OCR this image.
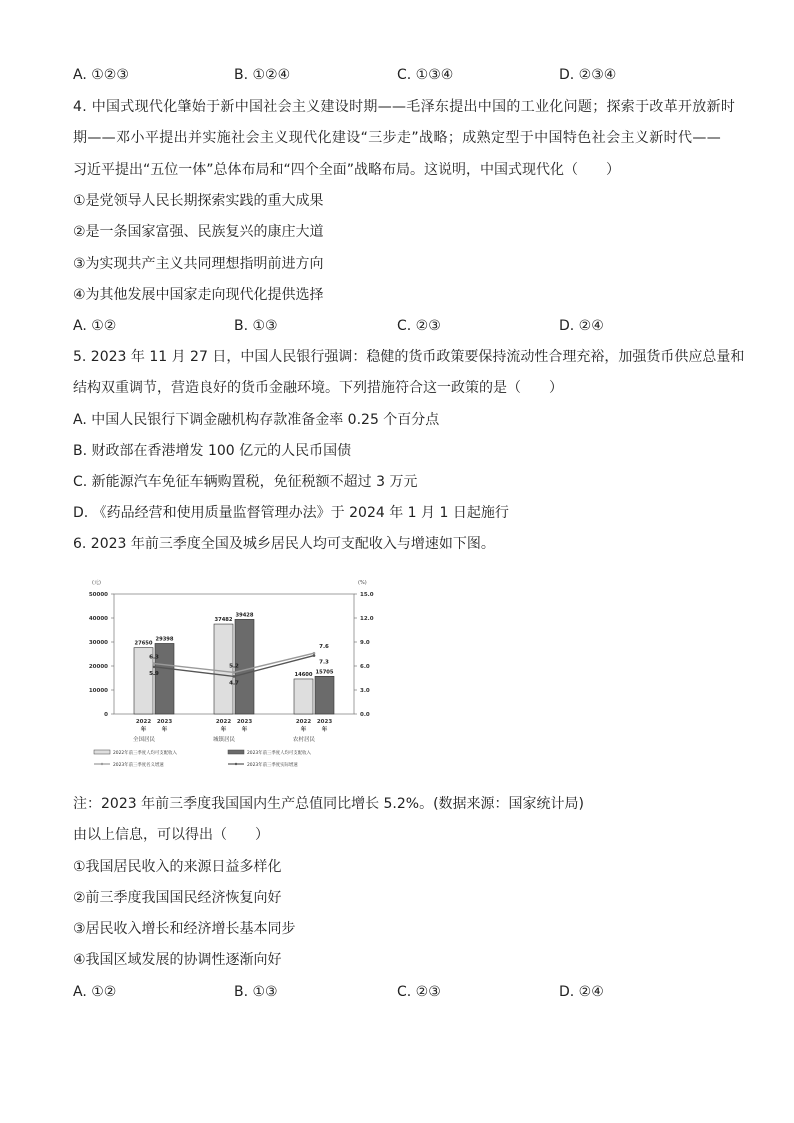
A. ①②③	B. ①②④	C. ①③④	D. ②③④
4. 中国式现代化肇始于新中国社会主义建设时期——毛泽东提出中国的工业化问题；探索于改革开放新时
期——邓小平提出并实施社会主义现代化建设“三步走”战略；成熟定型于中国特色社会主义新时代——
习近平提出“五位一体”总体布局和“四个全面”战略布局。这说明，中国式现代化（　　）
①是党领导人民长期探索实践的重大成果
②是一条国家富强、民族复兴的康庄大道
③为实现共产主义共同理想指明前进方向
④为其他发展中国家走向现代化提供选择
A. ①②	B. ①③	C. ②③	D. ②④
5. 2023 年 11 月 27 日，中国人民银行强调：稳健的货币政策要保持流动性合理充裕，加强货币供应总量和
结构双重调节，营造良好的货币金融环境。下列措施符合这一政策的是（　　）
A. 中国人民银行下调金融机构存款准备金率 0.25 个百分点
B. 财政部在香港增发 100 亿元的人民币国债
C. 新能源汽车免征车辆购置税，免征税额不超过 3 万元
D. 《药品经营和使用质量监督管理办法》于 2024 年 1 月 1 日起施行
6. 2023 年前三季度全国及城乡居民人均可支配收入与增速如下图。
(元)	(%)
50000
40000
30000
20000
10000
0
15.0
12.0
9.0
6.0
3.0
0.0
2022
年
2023
年
全国居民
2022
年
2023
年
城镇居民
2022
年
2023
年
农村居民
27650
29398
37482
39428
14600 15705
6.3
5.2
7.6
5.9
4.7
7.3
2022年前三季度人均可支配收入	2023年前三季度人均可支配收入
2023年前三季度名义增速	2023年前三季度实际增速
注：2023 年前三季度我国国内生产总值同比增长 5.2%。(数据来源：国家统计局)
由以上信息，可以得出（　　）
①我国居民收入的来源日益多样化
②前三季度我国国民经济恢复向好
③居民收入增长和经济增长基本同步
④我国区域发展的协调性逐渐向好
A. ①②	B. ①③	C. ②③	D. ②④
